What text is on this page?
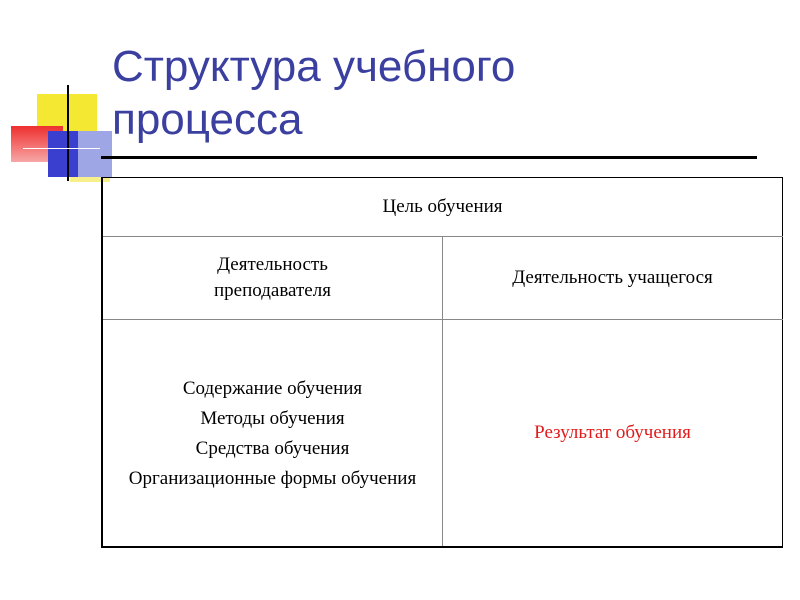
Структура учебного
процесса
Цель обучения	

Деятельность преподавателя	Деятельность учащегося

Содержание обучения
Методы обучения
Средства обучения
Организационные формы обучения	Результат обучения
